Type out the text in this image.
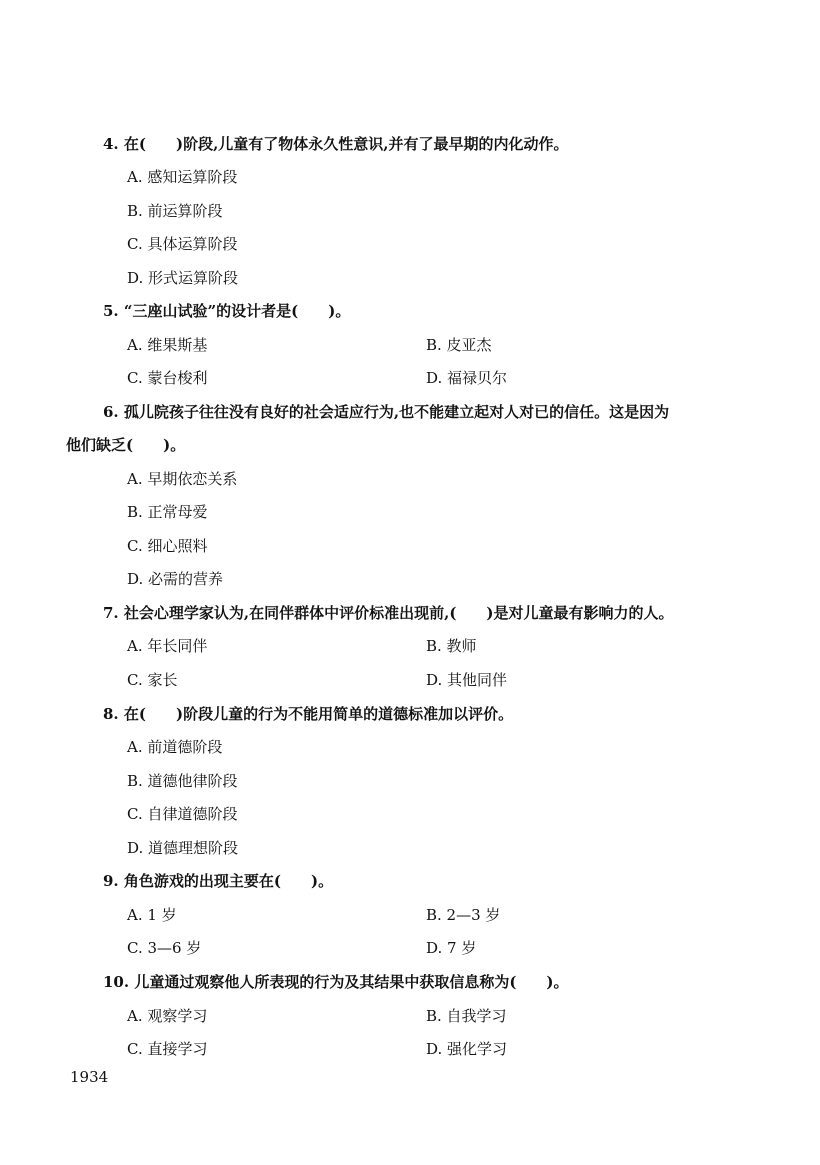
4. 在(　　)阶段,儿童有了物体永久性意识,并有了最早期的内化动作。
A. 感知运算阶段
B. 前运算阶段
C. 具体运算阶段
D. 形式运算阶段
5. “三座山试验”的设计者是(　　)。
A. 维果斯基	B. 皮亚杰
C. 蒙台梭利	D. 福禄贝尔
6. 孤儿院孩子往往没有良好的社会适应行为,也不能建立起对人对已的信任。这是因为
他们缺乏(　　)。
A. 早期依恋关系
B. 正常母爱
C. 细心照料
D. 必需的营养
7. 社会心理学家认为,在同伴群体中评价标准出现前,(　　)是对儿童最有影响力的人。
A. 年长同伴	B. 教师
C. 家长	D. 其他同伴
8. 在(　　)阶段儿童的行为不能用简单的道德标准加以评价。
A. 前道德阶段
B. 道德他律阶段
C. 自律道德阶段
D. 道德理想阶段
9. 角色游戏的出现主要在(　　)。
A. 1 岁	B. 2—3 岁
C. 3—6 岁	D. 7 岁
10. 儿童通过观察他人所表现的行为及其结果中获取信息称为(　　)。
A. 观察学习	B. 自我学习
C. 直接学习	D. 强化学习
1934
